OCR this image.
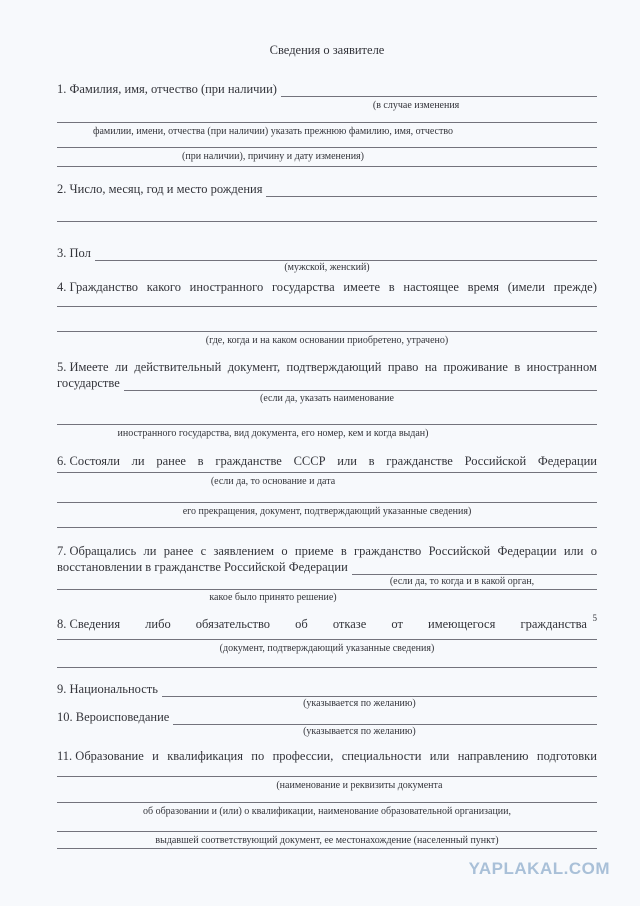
Сведения о заявителе
1. Фамилия, имя, отчество (при наличии)
(в случае изменения
фамилии, имени, отчества (при наличии) указать прежнюю фамилию, имя, отчество
(при наличии), причину и дату изменения)
2. Число, месяц, год и место рождения
3. Пол
(мужской, женский)
4. Гражданство какого иностранного государства имеете в настоящее время (имели прежде)
(где, когда и на каком основании приобретено, утрачено)
5. Имеете ли действительный документ, подтверждающий право на проживание в иностранном
государстве
(если да, указать наименование
иностранного государства, вид документа, его номер, кем и когда выдан)
6. Состояли ли ранее в гражданстве СССР или в гражданстве Российской Федерации
(если да, то основание и дата
его прекращения, документ, подтверждающий указанные сведения)
7. Обращались ли ранее с заявлением о приеме в гражданство Российской Федерации или о
восстановлении в гражданстве Российской Федерации
(если да, то когда и в какой орган,
какое было принято решение)
8. Сведения либо обязательство об отказе от имеющегося гражданства 5
(документ, подтверждающий указанные сведения)
9. Национальность
(указывается по желанию)
10. Вероисповедание
(указывается по желанию)
11. Образование и квалификация по профессии, специальности или направлению подготовки
(наименование и реквизиты документа
об образовании и (или) о квалификации, наименование образовательной организации,
выдавшей соответствующий документ, ее местонахождение (населенный пункт)
YAPLAKAL.COM
